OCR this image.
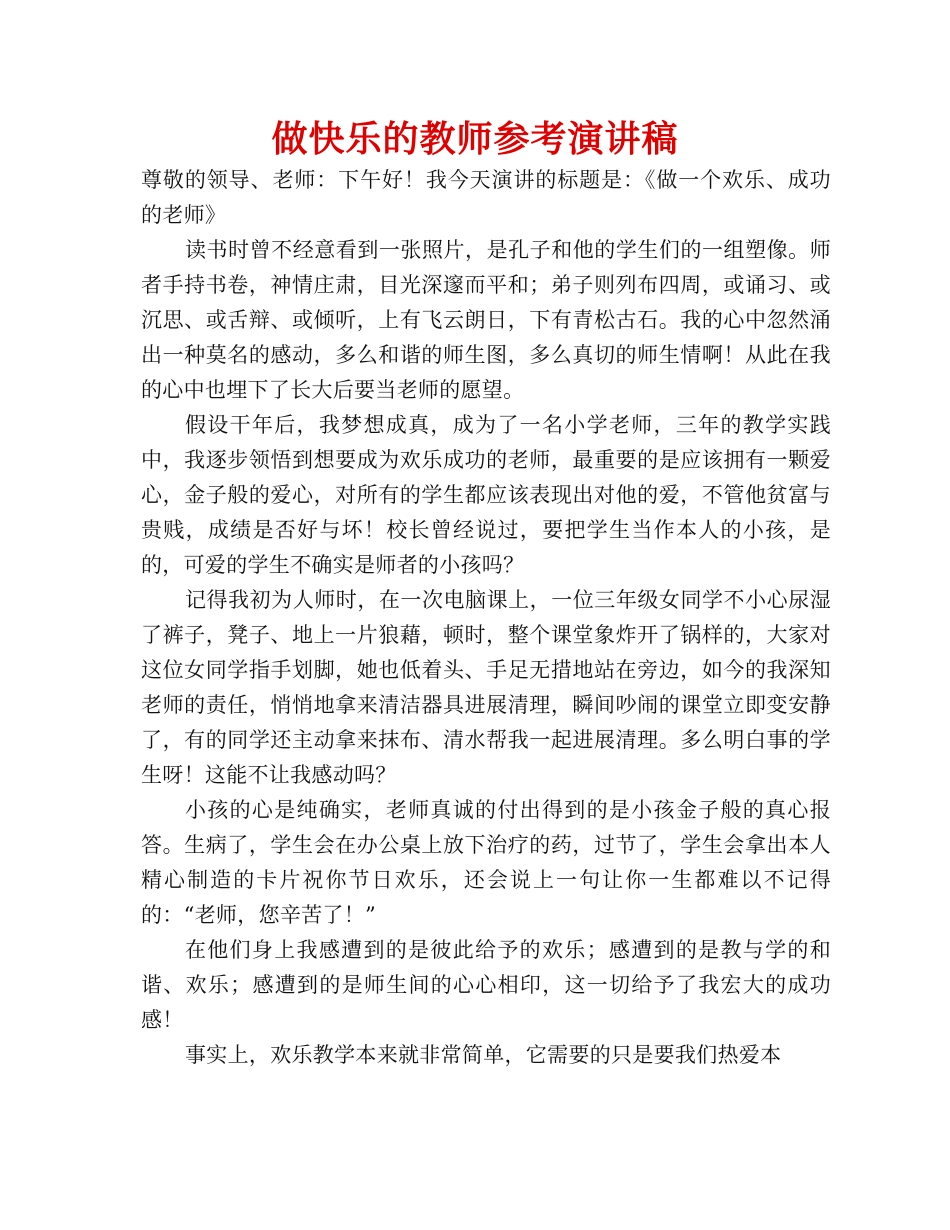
做快乐的教师参考演讲稿

尊敬的领导、老师：下午好！我今天演讲的标题是：《做一个欢乐、成功的老师》

读书时曾不经意看到一张照片，是孔子和他的学生们的一组塑像。师者手持书卷，神情庄肃，目光深邃而平和；弟子则列布四周，或诵习、或沉思、或舌辩、或倾听，上有飞云朗日，下有青松古石。我的心中忽然涌出一种莫名的感动，多么和谐的师生图，多么真切的师生情啊！从此在我的心中也埋下了长大后要当老师的愿望。

假设干年后，我梦想成真，成为了一名小学老师，三年的教学实践中，我逐步领悟到想要成为欢乐成功的老师，最重要的是应该拥有一颗爱心，金子般的爱心，对所有的学生都应该表现出对他的爱，不管他贫富与贵贱，成绩是否好与坏！校长曾经说过，要把学生当作本人的小孩，是的，可爱的学生不确实是师者的小孩吗？

记得我初为人师时，在一次电脑课上，一位三年级女同学不小心尿湿了裤子，凳子、地上一片狼藉，顿时，整个课堂象炸开了锅样的，大家对这位女同学指手划脚，她也低着头、手足无措地站在旁边，如今的我深知老师的责任，悄悄地拿来清洁器具进展清理，瞬间吵闹的课堂立即变安静了，有的同学还主动拿来抹布、清水帮我一起进展清理。多么明白事的学生呀！这能不让我感动吗？

小孩的心是纯确实，老师真诚的付出得到的是小孩金子般的真心报答。生病了，学生会在办公桌上放下治疗的药，过节了，学生会拿出本人精心制造的卡片祝你节日欢乐，还会说上一句让你一生都难以不记得的：“老师，您辛苦了！”

在他们身上我感遭到的是彼此给予的欢乐；感遭到的是教与学的和谐、欢乐；感遭到的是师生间的心心相印，这一切给予了我宏大的成功感！

事实上，欢乐教学本来就非常简单，它需要的只是要我们热爱本
